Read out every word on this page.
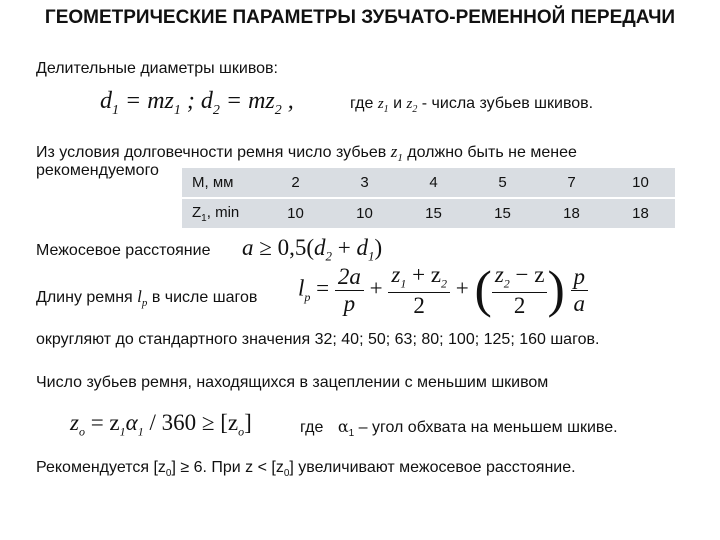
ГЕОМЕТРИЧЕСКИЕ ПАРАМЕТРЫ ЗУБЧАТО-РЕМЕННОЙ ПЕРЕДАЧИ
Делительные диаметры шкивов:
$d_1 = mz_1$ ; $d_2 = mz_2$ ,	где $z_1$ и $z_2$ - числа зубьев шкивов.
Из условия долговечности ремня число зубьев $z_1$ должно быть не менее
рекомендуемого
М, мм	2	3	4	5	7	10
$Z_1$, min	10	10	15	15	18	18
Межосевое расстояние $a \ge 0,5(d_2 + d_1)$
Длину ремня $l_p$ в числе шагов $l_p = \frac{2a}{p} + \frac{z_1 + z_2}{2}$ + ( $\frac{z_2 - z}{2}$ ) $\frac{p}{a}$
округляют до стандартного значения 32; 40; 50; 63; 80; 100; 125; 160 шагов.
Число зубьев ремня, находящихся в зацеплении с меньшим шкивом
$z_o = z_1\alpha_1 / 360 \ge [z_o]$	где $\alpha_1$ – угол обхвата на меньшем шкиве.
Рекомендуется $[z_0] \ge 6$. При $z < [z_0]$ увеличивают межосевое расстояние.
